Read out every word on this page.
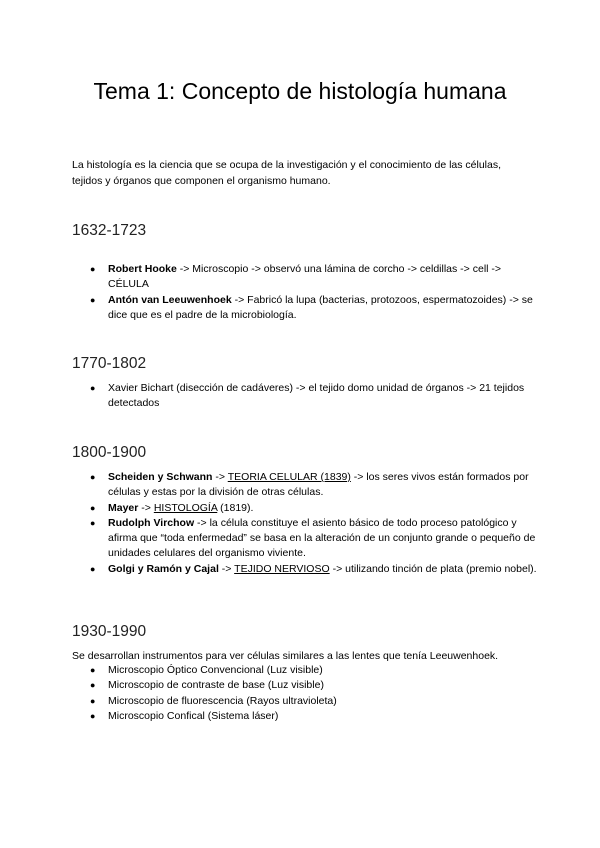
Tema 1: Concepto de histología humana

La histología es la ciencia que se ocupa de la investigación y el conocimiento de las células, tejidos y órganos que componen el organismo humano.

1632-1723
● Robert Hooke -> Microscopio -> observó una lámina de corcho -> celdillas -> cell -> CÉLULA
● Antón van Leeuwenhoek -> Fabricó la lupa (bacterias, protozoos, espermatozoides) -> se dice que es el padre de la microbiología.
1770-1802
● Xavier Bichart (disección de cadáveres) -> el tejido domo unidad de órganos -> 21 tejidos detectados
1800-1900
● Scheiden y Schwann -> TEORIA CELULAR (1839) -> los seres vivos están formados por células y estas por la división de otras células.
● Mayer -> HISTOLOGÍA (1819).
● Rudolph Virchow -> la célula constituye el asiento básico de todo proceso patológico y afirma que “toda enfermedad” se basa en la alteración de un conjunto grande o pequeño de unidades celulares del organismo viviente.
● Golgi y Ramón y Cajal -> TEJIDO NERVIOSO -> utilizando tinción de plata (premio nobel).
1930-1990

Se desarrollan instrumentos para ver células similares a las lentes que tenía Leeuwenhoek.

● Microscopio Óptico Convencional (Luz visible)
● Microscopio de contraste de base (Luz visible)
● Microscopio de fluorescencia (Rayos ultravioleta)
● Microscopio Confical (Sistema láser)
